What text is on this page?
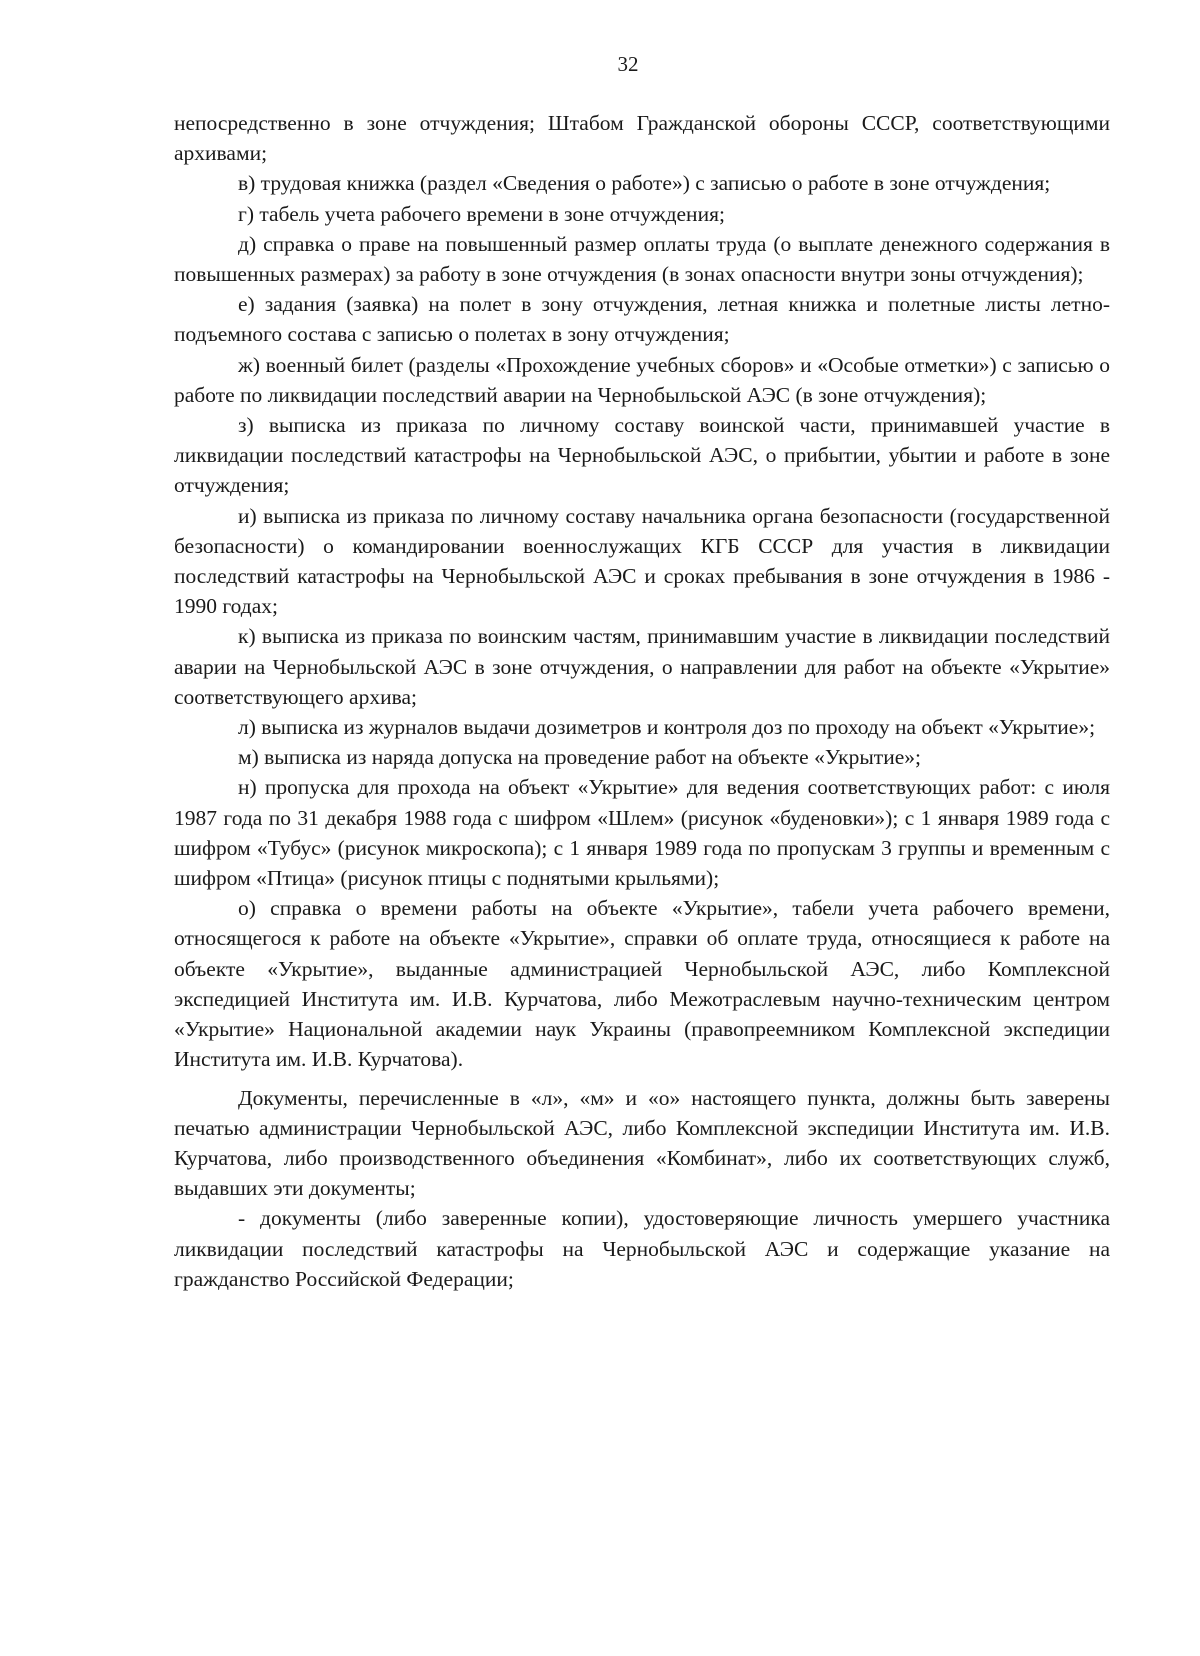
32

непосредственно в зоне отчуждения; Штабом Гражданской обороны СССР, соответствующими архивами;

в) трудовая книжка (раздел «Сведения о работе») с записью о работе в зоне отчуждения;

г) табель учета рабочего времени в зоне отчуждения;

д) справка о праве на повышенный размер оплаты труда (о выплате денежного содержания в повышенных размерах) за работу в зоне отчуждения (в зонах опасности внутри зоны отчуждения);

е) задания (заявка) на полет в зону отчуждения, летная книжка и полетные листы летно-подъемного состава с записью о полетах в зону отчуждения;

ж) военный билет (разделы «Прохождение учебных сборов» и «Особые отметки») с записью о работе по ликвидации последствий аварии на Чернобыльской АЭС (в зоне отчуждения);

з) выписка из приказа по личному составу воинской части, принимавшей участие в ликвидации последствий катастрофы на Чернобыльской АЭС, о прибытии, убытии и работе в зоне отчуждения;

и) выписка из приказа по личному составу начальника органа безопасности (государственной безопасности) о командировании военнослужащих КГБ СССР для участия в ликвидации последствий катастрофы на Чернобыльской АЭС и сроках пребывания в зоне отчуждения в 1986 - 1990 годах;

к) выписка из приказа по воинским частям, принимавшим участие в ликвидации последствий аварии на Чернобыльской АЭС в зоне отчуждения, о направлении для работ на объекте «Укрытие» соответствующего архива;

л) выписка из журналов выдачи дозиметров и контроля доз по проходу на объект «Укрытие»;

м) выписка из наряда допуска на проведение работ на объекте «Укрытие»;

н) пропуска для прохода на объект «Укрытие» для ведения соответствующих работ: с июля 1987 года по 31 декабря 1988 года с шифром «Шлем» (рисунок «буденовки»); с 1 января 1989 года с шифром «Тубус» (рисунок микроскопа); с 1 января 1989 года по пропускам 3 группы и временным с шифром «Птица» (рисунок птицы с поднятыми крыльями);

о) справка о времени работы на объекте «Укрытие», табели учета рабочего времени, относящегося к работе на объекте «Укрытие», справки об оплате труда, относящиеся к работе на объекте «Укрытие», выданные администрацией Чернобыльской АЭС, либо Комплексной экспедицией Института им. И.В. Курчатова, либо Межотраслевым научно-техническим центром «Укрытие» Национальной академии наук Украины (правопреемником Комплексной экспедиции Института им. И.В. Курчатова).

Документы, перечисленные в «л», «м» и «о» настоящего пункта, должны быть заверены печатью администрации Чернобыльской АЭС, либо Комплексной экспедиции Института им. И.В. Курчатова, либо производственного объединения «Комбинат», либо их соответствующих служб, выдавших эти документы;

- документы (либо заверенные копии), удостоверяющие личность умершего участника ликвидации последствий катастрофы на Чернобыльской АЭС и содержащие указание на гражданство Российской Федерации;
